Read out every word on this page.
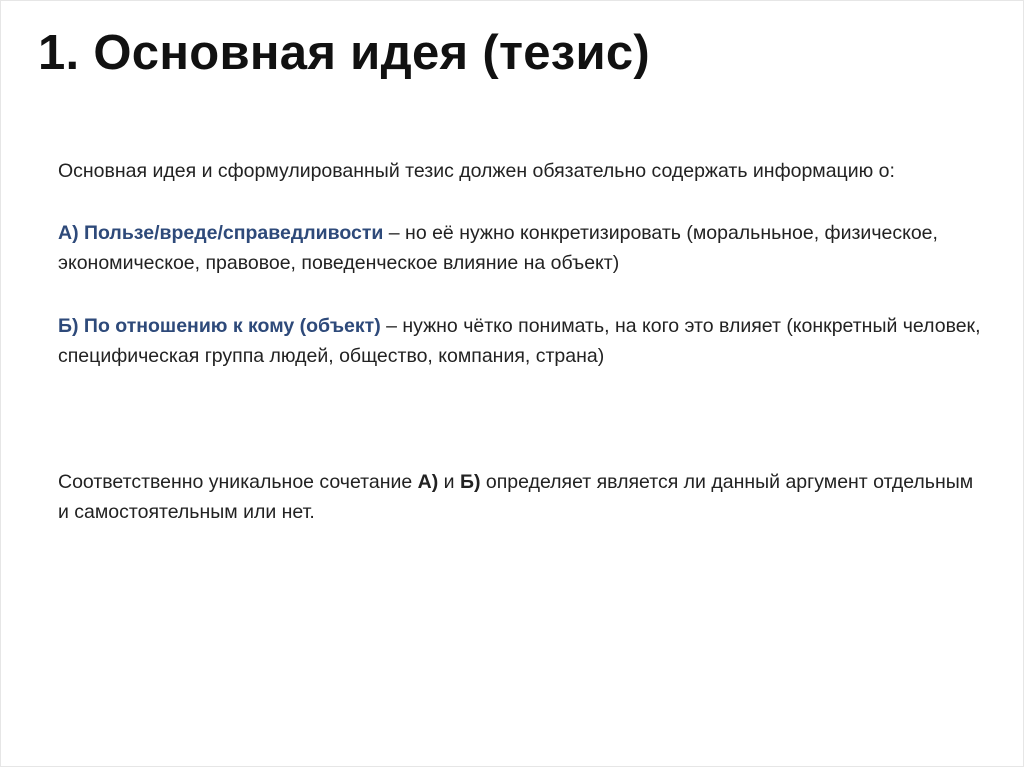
1. Основная идея (тезис)

Основная идея и сформулированный тезис должен обязательно содержать информацию о:

А) Пользе/вреде/справедливости – но её нужно конкретизировать (моральньное, физическое, экономическое, правовое, поведенческое влияние на объект)

Б) По отношению к кому (объект) – нужно чётко понимать, на кого это влияет (конкретный человек, специфическая группа людей, общество, компания, страна)

Соответственно уникальное сочетание А) и Б) определяет является ли данный аргумент отдельным и самостоятельным или нет.
